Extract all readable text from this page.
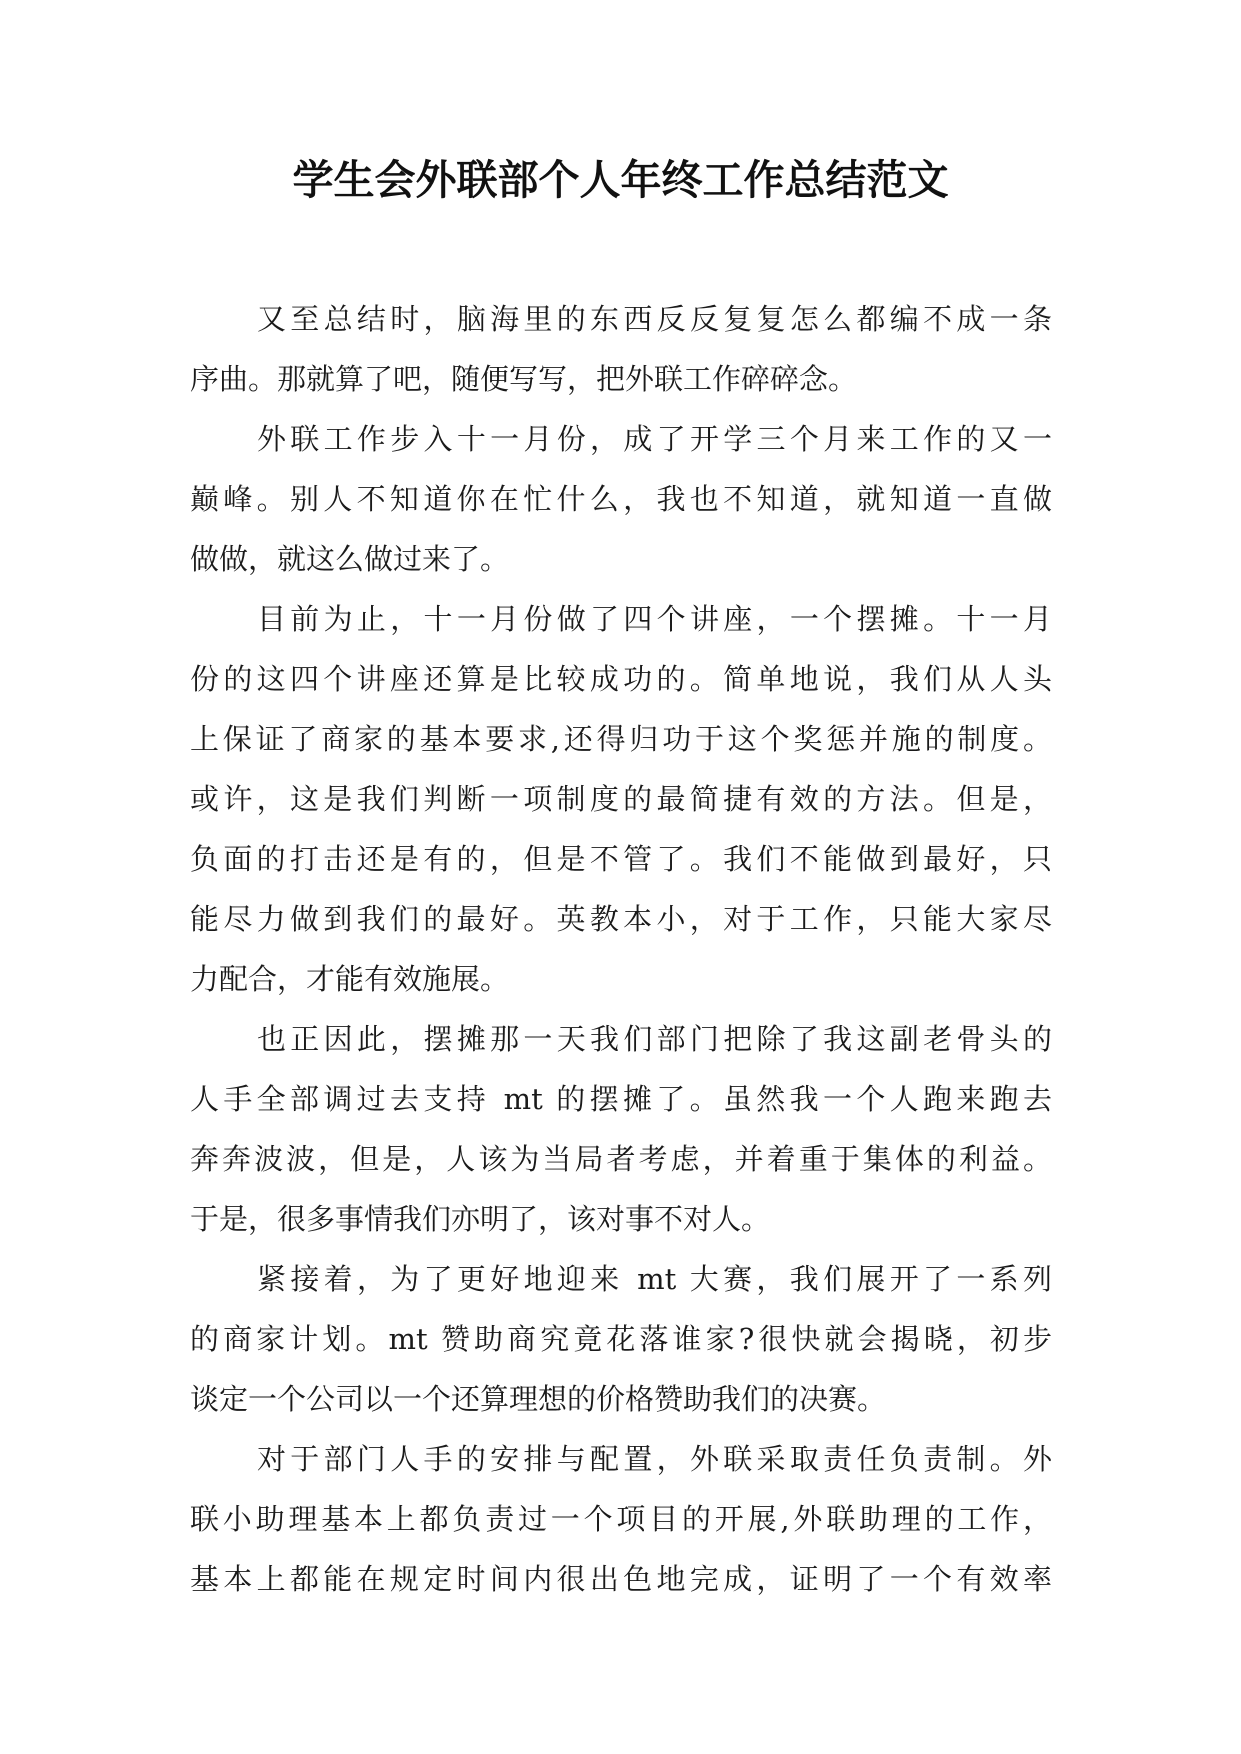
学生会外联部个人年终工作总结范文
又至总结时，脑海里的东西反反复复怎么都编不成一条
序曲。那就算了吧，随便写写，把外联工作碎碎念。
外联工作步入十一月份，成了开学三个月来工作的又一
巅峰。别人不知道你在忙什么，我也不知道，就知道一直做
做做，就这么做过来了。
目前为止，十一月份做了四个讲座，一个摆摊。十一月
份的这四个讲座还算是比较成功的。简单地说，我们从人头
上保证了商家的基本要求,还得归功于这个奖惩并施的制度。
或许，这是我们判断一项制度的最简捷有效的方法。但是，
负面的打击还是有的，但是不管了。我们不能做到最好，只
能尽力做到我们的最好。英教本小，对于工作，只能大家尽
力配合，才能有效施展。
也正因此，摆摊那一天我们部门把除了我这副老骨头的
人手全部调过去支持 mt 的摆摊了。虽然我一个人跑来跑去
奔奔波波，但是，人该为当局者考虑，并着重于集体的利益。
于是，很多事情我们亦明了，该对事不对人。
紧接着，为了更好地迎来 mt 大赛，我们展开了一系列
的商家计划。mt 赞助商究竟花落谁家?很快就会揭晓，初步
谈定一个公司以一个还算理想的价格赞助我们的决赛。
对于部门人手的安排与配置，外联采取责任负责制。外
联小助理基本上都负责过一个项目的开展,外联助理的工作，
基本上都能在规定时间内很出色地完成，证明了一个有效率
